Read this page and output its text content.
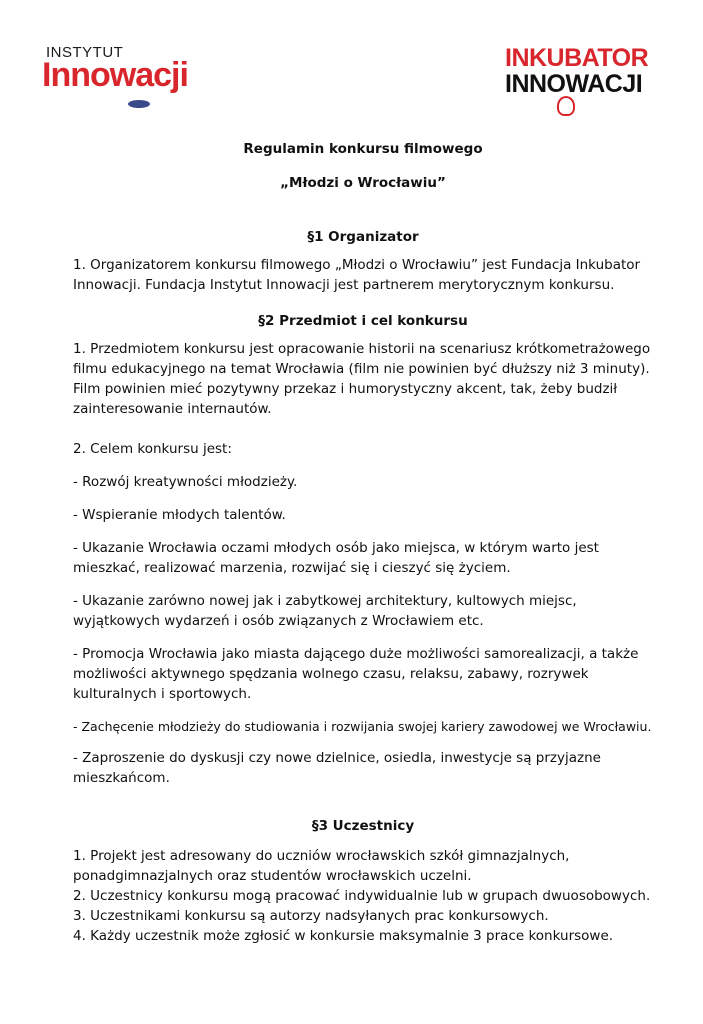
INSTYTUT
Innowacji	INKUBATOR
INNOWACJI

Regulamin konkursu filmowego

„Młodzi o Wrocławiu”

§1 Organizator

1. Organizatorem konkursu filmowego „Młodzi o Wrocławiu” jest Fundacja Inkubator Innowacji. Fundacja Instytut Innowacji jest partnerem merytorycznym konkursu.

§2 Przedmiot i cel konkursu

1. Przedmiotem konkursu jest opracowanie historii na scenariusz krótkometrażowego filmu edukacyjnego na temat Wrocławia (film nie powinien być dłuższy niż 3 minuty). Film powinien mieć pozytywny przekaz i humorystyczny akcent, tak, żeby budził zainteresowanie internautów.

2. Celem konkursu jest:

- Rozwój kreatywności młodzieży.

- Wspieranie młodych talentów.

- Ukazanie Wrocławia oczami młodych osób jako miejsca, w którym warto jest mieszkać, realizować marzenia, rozwijać się i cieszyć się życiem.

- Ukazanie zarówno nowej jak i zabytkowej architektury, kultowych miejsc, wyjątkowych wydarzeń i osób związanych z Wrocławiem etc.

- Promocja Wrocławia jako miasta dającego duże możliwości samorealizacji, a także możliwości aktywnego spędzania wolnego czasu, relaksu, zabawy, rozrywek kulturalnych i sportowych.

- Zachęcenie młodzieży do studiowania i rozwijania swojej kariery zawodowej we Wrocławiu.

- Zaproszenie do dyskusji czy nowe dzielnice, osiedla, inwestycje są przyjazne mieszkańcom.

§3 Uczestnicy

1. Projekt jest adresowany do uczniów wrocławskich szkół gimnazjalnych, ponadgimnazjalnych oraz studentów wrocławskich uczelni.

2. Uczestnicy konkursu mogą pracować indywidualnie lub w grupach dwuosobowych.

3. Uczestnikami konkursu są autorzy nadsyłanych prac konkursowych.

4. Każdy uczestnik może zgłosić w konkursie maksymalnie 3 prace konkursowe.
